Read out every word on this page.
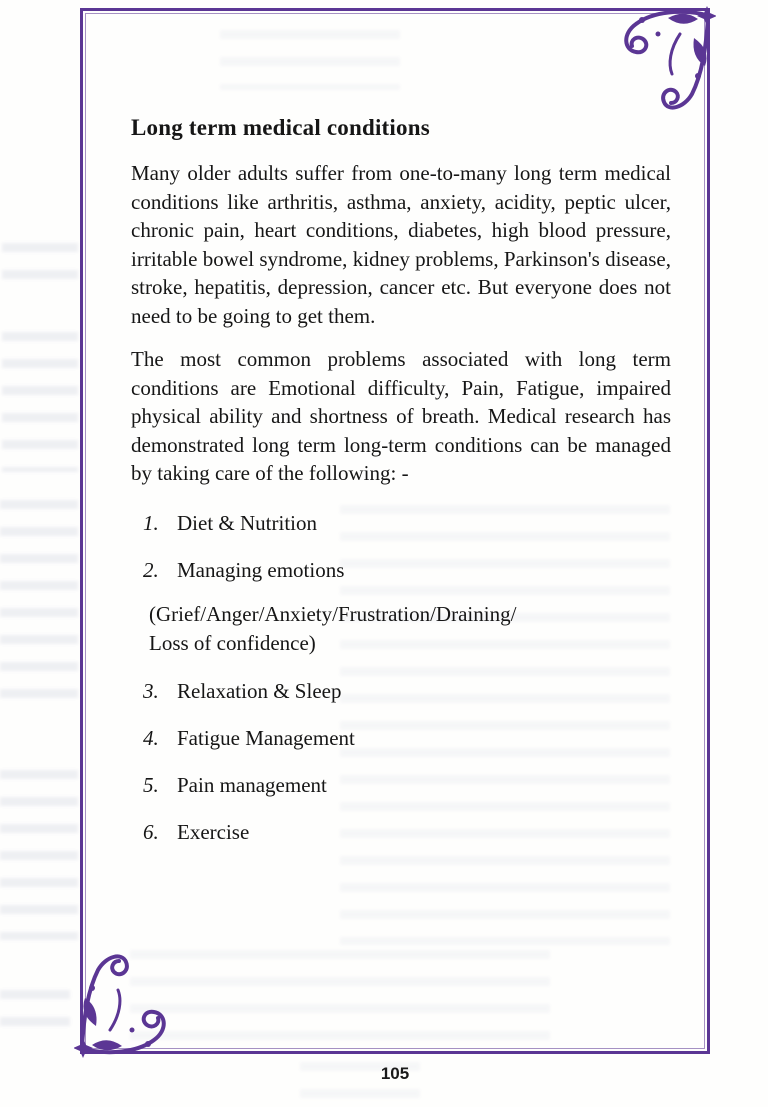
Long term medical conditions

Many older adults suffer from one-to-many long term medical conditions like arthritis, asthma, anxiety, acidity, peptic ulcer, chronic pain, heart conditions, diabetes, high blood pressure, irritable bowel syndrome, kidney problems, Parkinson's disease, stroke, hepatitis, depression, cancer etc. But everyone does not need to be going to get them.

The most common problems associated with long term conditions are Emotional difficulty, Pain, Fatigue, impaired physical ability and shortness of breath. Medical research has demonstrated long term long-term conditions can be managed by taking care of the following: -

1. Diet & Nutrition
2. Managing emotions
(Grief/Anger/Anxiety/Frustration/Draining/
Loss of confidence)
3. Relaxation & Sleep
4. Fatigue Management
5. Pain management
6. Exercise
105
